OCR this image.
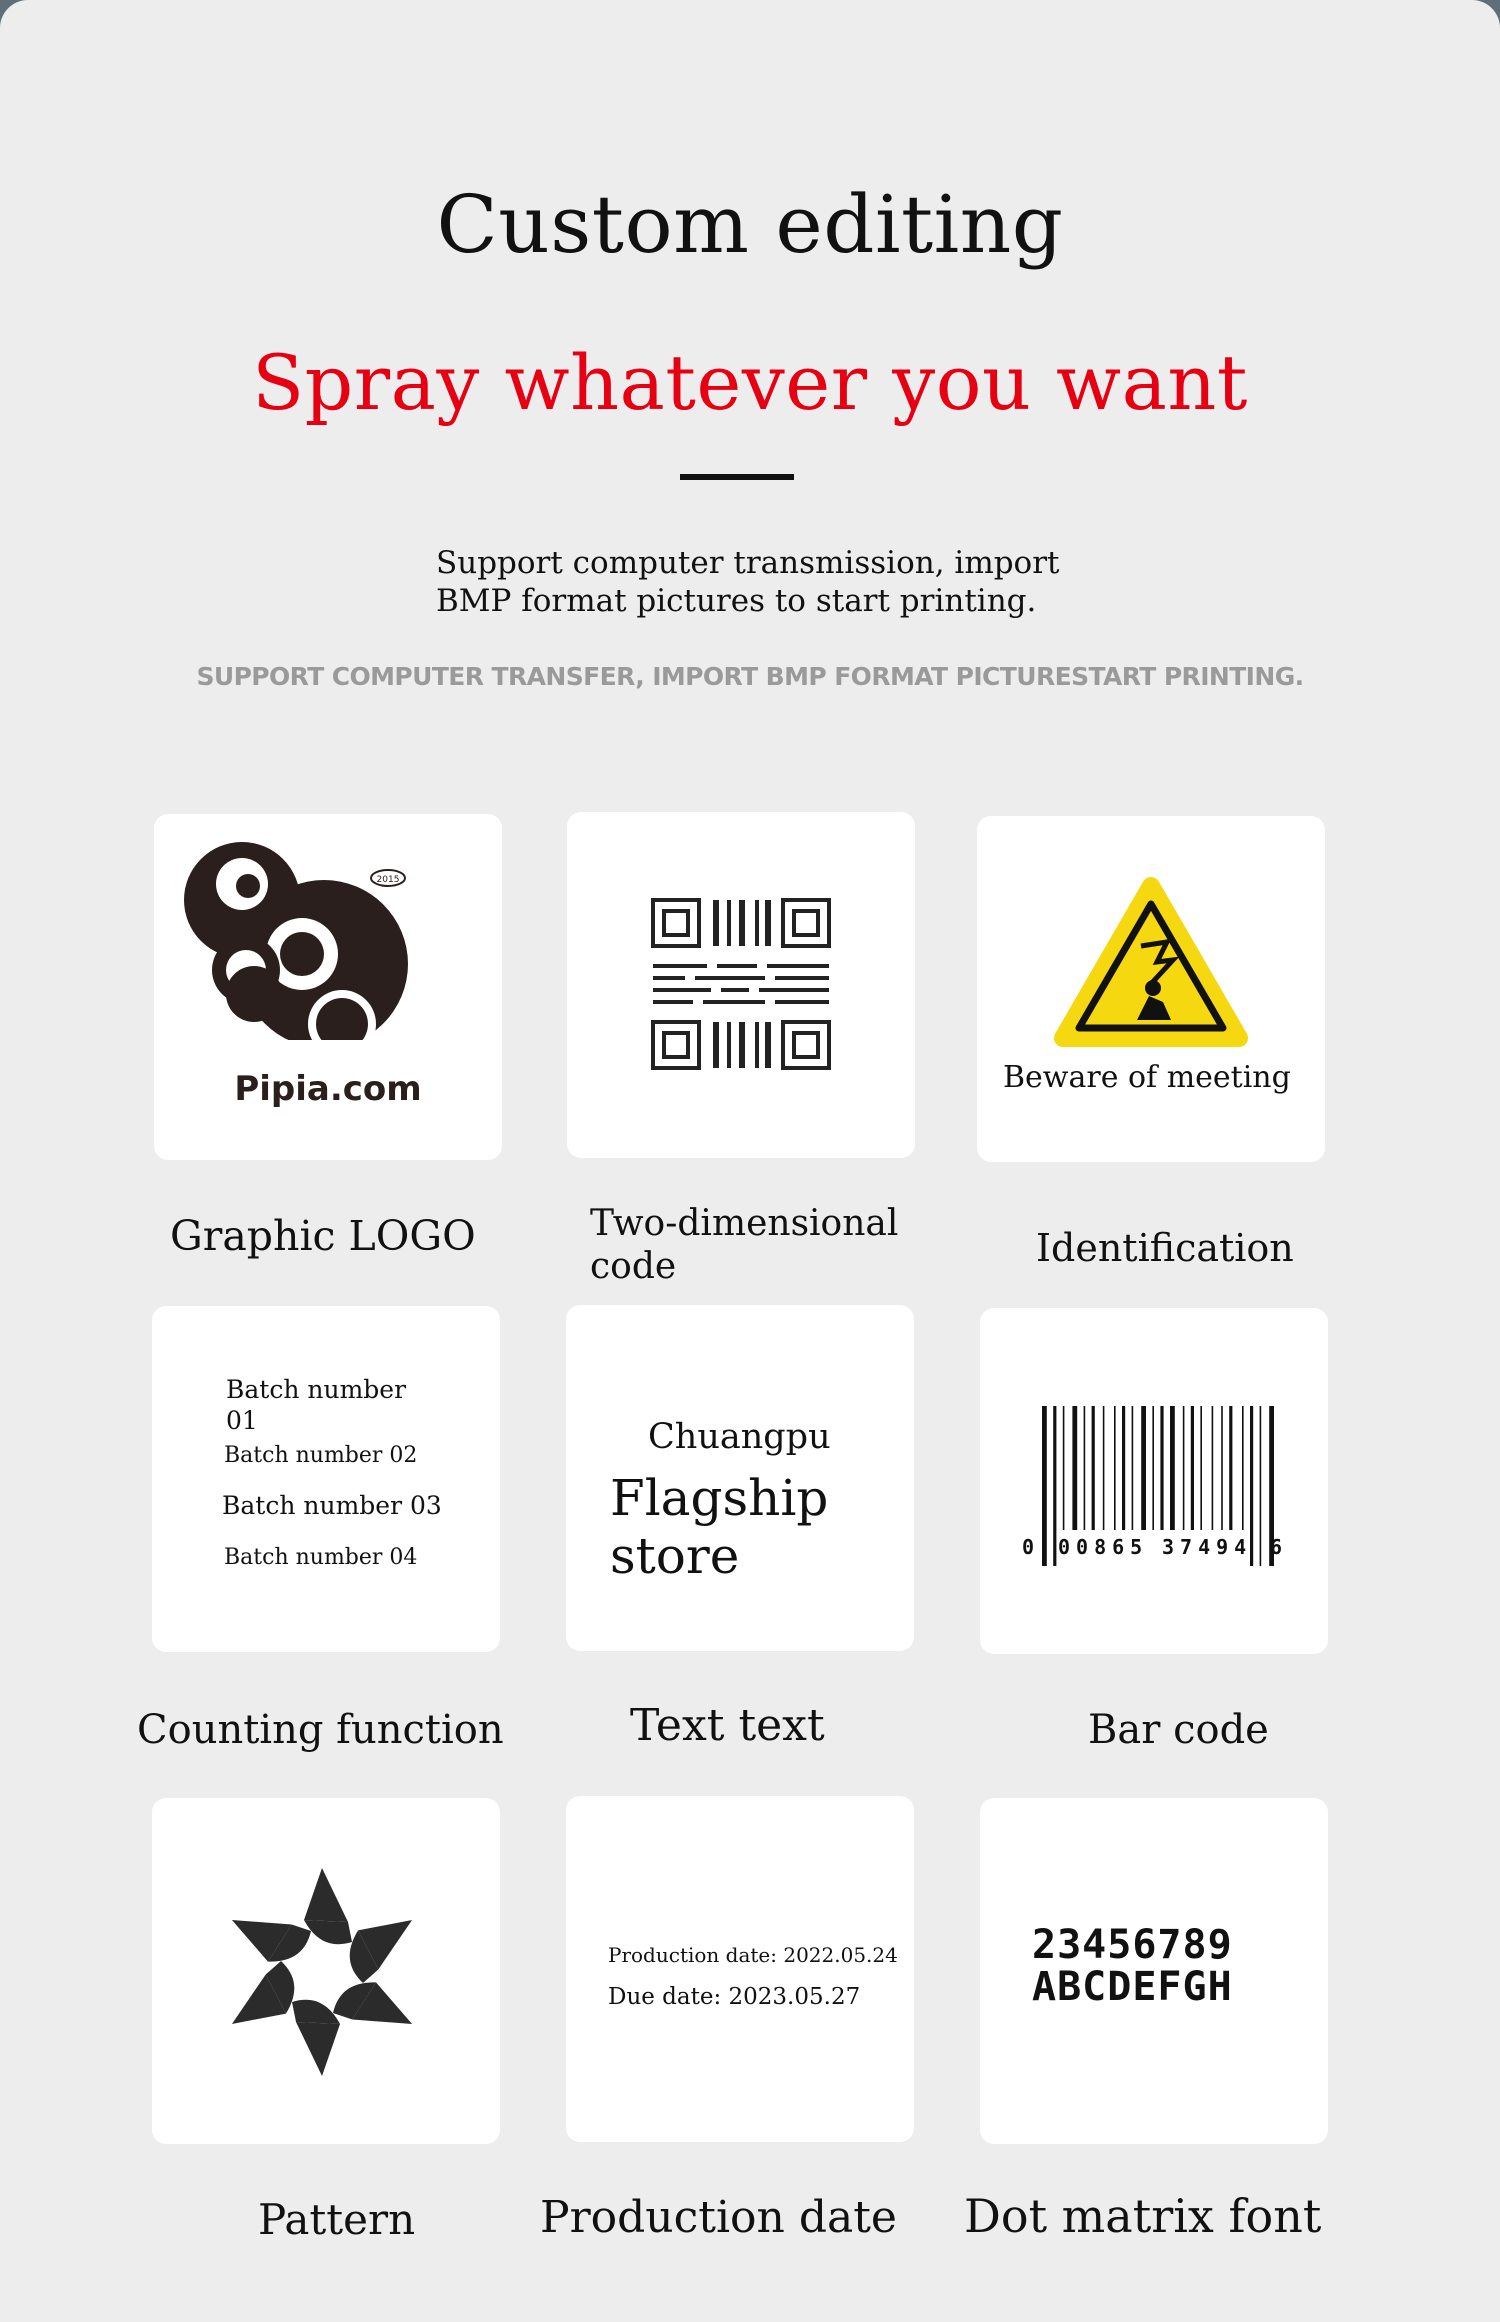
Custom editing
Spray whatever you want
Support computer transmission, import
BMP format pictures to start printing.
SUPPORT COMPUTER TRANSFER, IMPORT BMP FORMAT PICTURESTART PRINTING.
2015
Pipia.com	Beware of meeting
Graphic LOGO	Two-dimensional
code	Identification
Batch number
01
Batch number 02
Batch number 03
Batch number 04
Chuangpu
Flagship
store	0 00865 37494 6
Counting function	Text text	Bar code
Production date: 2022.05.24
Due date: 2023.05.27
23456789
ABCDEFGH
Pattern	Production date Dot matrix font
